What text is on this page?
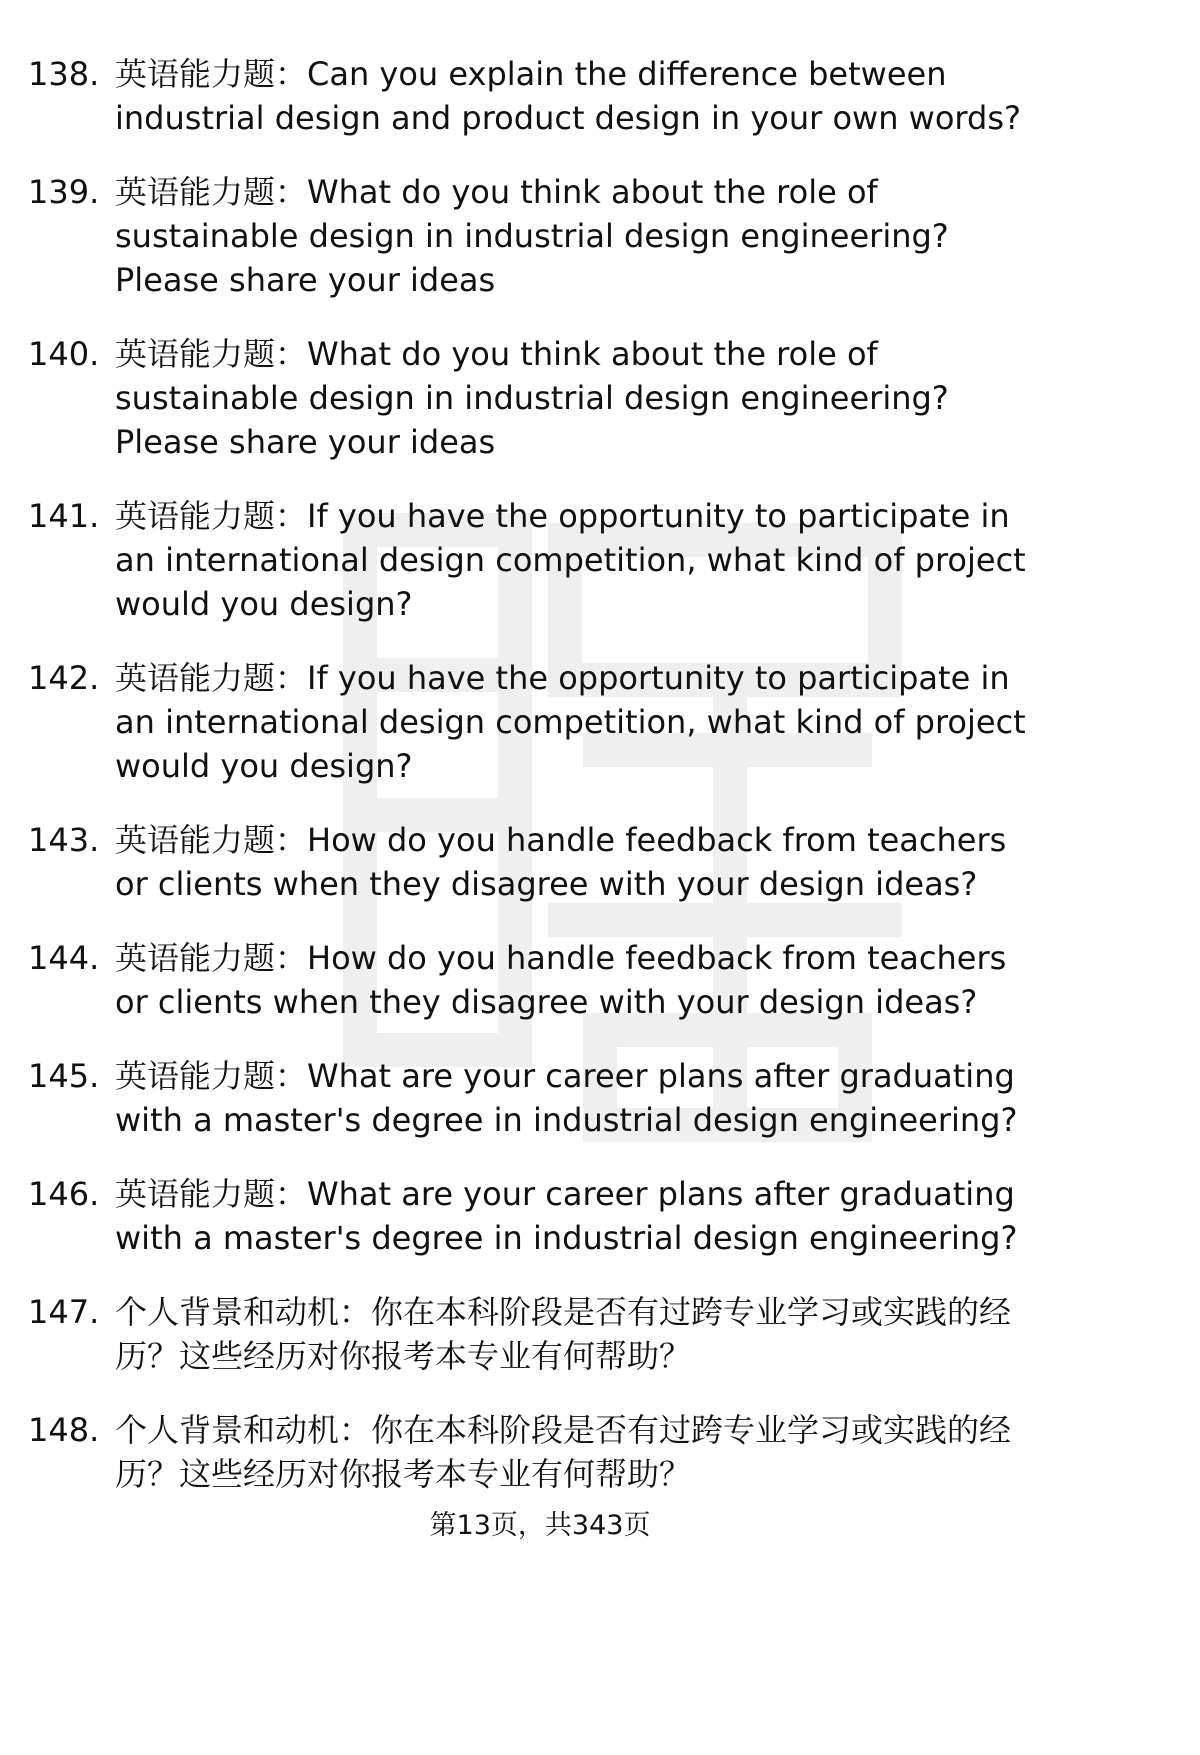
138. 英语能力题：Can you explain the difference between industrial design and product design in your own words?
139. 英语能力题：What do you think about the role of sustainable design in industrial design engineering? Please share your ideas
140. 英语能力题：What do you think about the role of sustainable design in industrial design engineering? Please share your ideas
141. 英语能力题：If you have the opportunity to participate in an international design competition, what kind of project would you design?
142. 英语能力题：If you have the opportunity to participate in an international design competition, what kind of project would you design?
143. 英语能力题：How do you handle feedback from teachers or clients when they disagree with your design ideas?
144. 英语能力题：How do you handle feedback from teachers or clients when they disagree with your design ideas?
145. 英语能力题：What are your career plans after graduating with a master's degree in industrial design engineering?
146. 英语能力题：What are your career plans after graduating with a master's degree in industrial design engineering?
147. 个人背景和动机：你在本科阶段是否有过跨专业学习或实践的经历？这些经历对你报考本专业有何帮助？
148. 个人背景和动机：你在本科阶段是否有过跨专业学习或实践的经历？这些经历对你报考本专业有何帮助？
第13页，共343页
